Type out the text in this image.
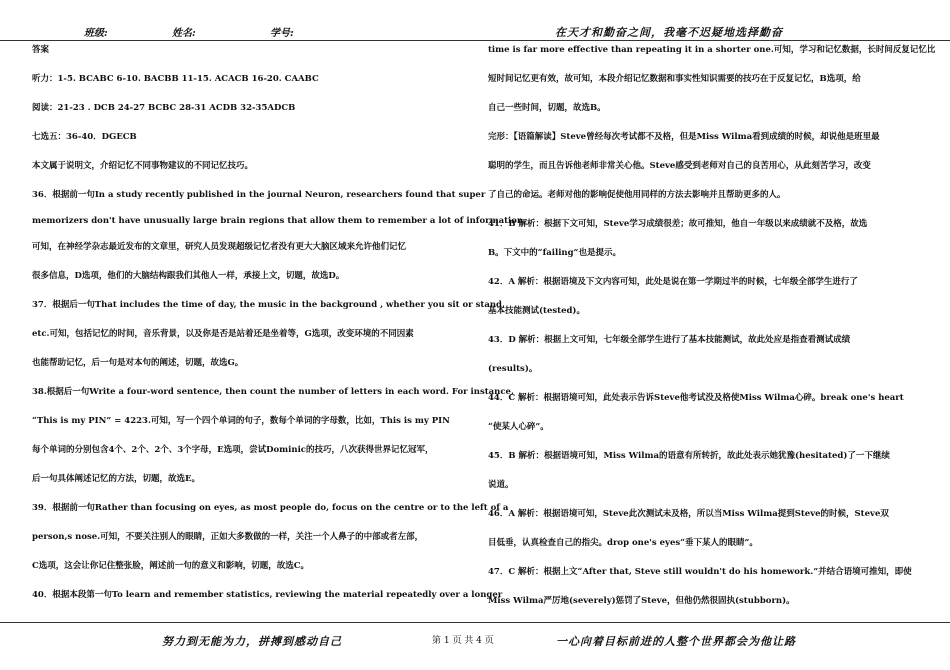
班级:	姓名:	学号:	在天才和勤奋之间，我毫不迟疑地选择勤奋
答案
听力：1-5. BCABC 6-10. BACBB 11-15. ACACB 16-20. CAABC
阅读：21-23 . DCB 24-27 BCBC 28-31 ACDB 32-35ADCB
七选五：36-40．DGECB
本文属于说明文，介绍记忆不同事物建议的不同记忆技巧。
36．根据前一句In a study recently published in the journal Neuron, researchers found that super
memorizers don't have unusually large brain regions that allow them to remember a lot of information.
可知，在神经学杂志最近发布的文章里，研究人员发现超级记忆者没有更大大脑区域来允许他们记忆
很多信息，D选项，他们的大脑结构跟我们其他人一样，承接上文，切题，故选D。
37．根据后一句That includes the time of day, the music in the background , whether you sit or stand,
etc.可知，包括记忆的时间，音乐背景，以及你是否是站着还是坐着等，G选项，改变环境的不同因素
也能帮助记忆，后一句是对本句的阐述，切题，故选G。
38.根据后一句Write a four-word sentence, then count the number of letters in each word. For instance,
“This is my PIN” = 4223.可知，写一个四个单词的句子，数每个单词的字母数，比如，This is my PIN
每个单词的分别包含4个、2个、2个、3个字母，E选项，尝试Dominic的技巧，八次获得世界记忆冠军，
后一句具体阐述记忆的方法，切题，故选E。
39．根据前一句Rather than focusing on eyes, as most people do, focus on the centre or to the left of a
person,s nose.可知，不要关注别人的眼睛，正如大多数做的一样，关注一个人鼻子的中部或者左部，
C选项，这会让你记住整张脸，阐述前一句的意义和影响，切题，故选C。
40．根据本段第一句To learn and remember statistics, reviewing the material repeatedly over a longer
time is far more effective than repeating it in a shorter one.可知，学习和记忆数据，长时间反复记忆比
短时间记忆更有效，故可知，本段介绍记忆数据和事实性知识需要的技巧在于反复记忆，B选项，给
自己一些时间，切题，故选B。
完形：【语篇解读】Steve曾经每次考试都不及格，但是Miss Wilma看到成绩的时候，却说他是班里最
聪明的学生，而且告诉他老师非常关心他。Steve感受到老师对自己的良苦用心，从此刻苦学习，改变
了自己的命运。老师对他的影响促使他用同样的方法去影响并且帮助更多的人。
41．B 解析：根据下文可知，Steve学习成绩很差；故可推知，他自一年级以来成绩就不及格，故选
B。下文中的“failing”也是提示。
42．A 解析：根据语境及下文内容可知，此处是说在第一学期过半的时候，七年级全部学生进行了
基本技能测试(tested)。
43．D 解析：根据上文可知，七年级全部学生进行了基本技能测试，故此处应是指查看测试成绩
(results)。
44．C 解析：根据语境可知，此处表示告诉Steve他考试没及格使Miss Wilma心碎。break one's heart
“使某人心碎”。
45．B 解析：根据语境可知，Miss Wilma的语意有所转折，故此处表示她犹豫(hesitated)了一下继续
说道。
46．A 解析：根据语境可知，Steve此次测试未及格，所以当Miss Wilma提到Steve的时候，Steve双
目低垂，认真检查自己的指尖。drop one's eyes“垂下某人的眼睛”。
47．C 解析：根据上文“After that, Steve still wouldn't do his homework.”并结合语境可推知，即使
Miss Wilma严厉地(severely)惩罚了Steve，但他仍然很固执(stubborn)。
努力到无能为力，拼搏到感动自己	第 1 页 共 4 页	一心向着目标前进的人整个世界都会为他让路
